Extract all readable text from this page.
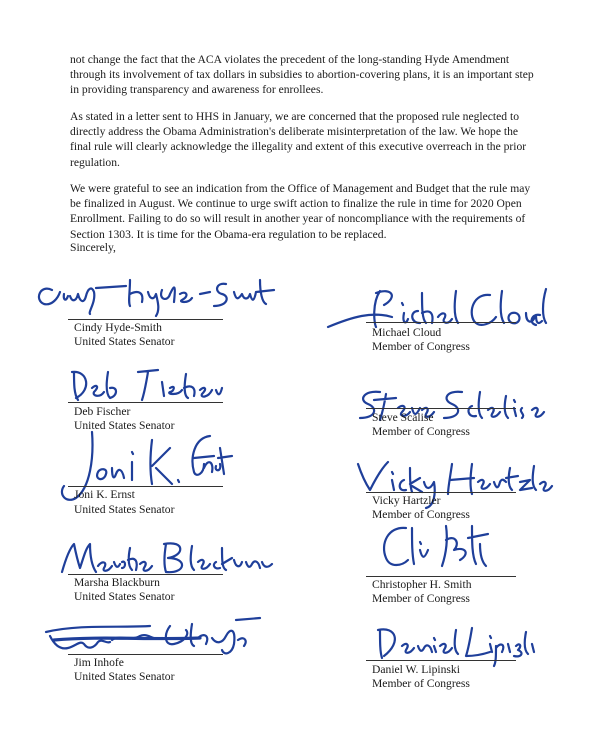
not change the fact that the ACA violates the precedent of the long-standing Hyde Amendment through its involvement of tax dollars in subsidies to abortion-covering plans, it is an important step in providing transparency and awareness for enrollees.

As stated in a letter sent to HHS in January, we are concerned that the proposed rule neglected to directly address the Obama Administration's deliberate misinterpretation of the law. We hope the final rule will clearly acknowledge the illegality and extent of this executive overreach in the prior regulation.

We were grateful to see an indication from the Office of Management and Budget that the rule may be finalized in August. We continue to urge swift action to finalize the rule in time for 2020 Open Enrollment. Failing to do so will result in another year of noncompliance with the requirements of Section 1303. It is time for the Obama-era regulation to be replaced.

Sincerely,

Cindy Hyde-Smith
United States Senator
Deb Fischer
United States Senator
Joni K. Ernst
United States Senator
Marsha Blackburn
United States Senator
Jim Inhofe
United States Senator
Michael Cloud
Member of Congress
Steve Scalise
Member of Congress
Vicky Hartzler
Member of Congress
Christopher H. Smith
Member of Congress
Daniel W. Lipinski
Member of Congress
